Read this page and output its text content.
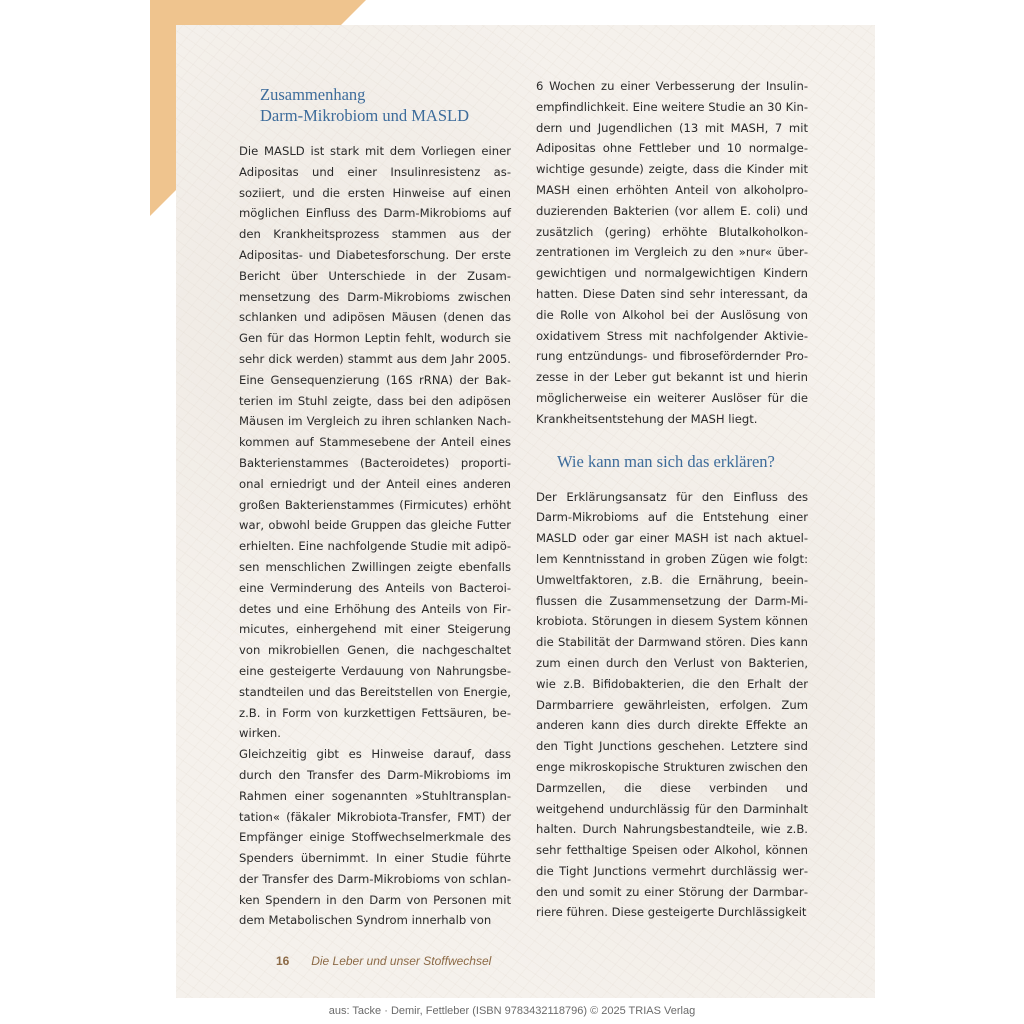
Zusammenhang
Darm-Mikrobiom und MASLD

Die MASLD ist stark mit dem Vorliegen einer Adipositas und einer Insulinresistenz assoziiert, und die ersten Hinweise auf einen möglichen Einfluss des Darm-Mikrobioms auf den Krankheitsprozess stammen aus der Adipositas- und Diabetesforschung. Der erste Bericht über Unterschiede in der Zusammensetzung des Darm-Mikrobioms zwischen schlanken und adipösen Mäusen (denen das Gen für das Hormon Leptin fehlt, wodurch sie sehr dick werden) stammt aus dem Jahr 2005. Eine Gensequenzierung (16S rRNA) der Bakterien im Stuhl zeigte, dass bei den adipösen Mäusen im Vergleich zu ihren schlanken Nachkommen auf Stammesebene der Anteil eines Bakterienstammes (Bacteroidetes) proportional erniedrigt und der Anteil eines anderen großen Bakterienstammes (Firmicutes) erhöht war, obwohl beide Gruppen das gleiche Futter erhielten. Eine nachfolgende Studie mit adipösen menschlichen Zwillingen zeigte ebenfalls eine Verminderung des Anteils von Bacteroidetes und eine Erhöhung des Anteils von Firmicutes, einhergehend mit einer Steigerung von mikrobiellen Genen, die nachgeschaltet eine gesteigerte Verdauung von Nahrungsbestandteilen und das Bereitstellen von Energie, z.B. in Form von kurzkettigen Fettsäuren, bewirken.

Gleichzeitig gibt es Hinweise darauf, dass durch den Transfer des Darm-Mikrobioms im Rahmen einer sogenannten »Stuhltransplantation« (fäkaler Mikrobiota-Transfer, FMT) der Empfänger einige Stoffwechselmerkmale des Spenders übernimmt. In einer Studie führte der Transfer des Darm-Mikrobioms von schlanken Spendern in den Darm von Personen mit dem Metabolischen Syndrom innerhalb von

6 Wochen zu einer Verbesserung der Insulinempfindlichkeit. Eine weitere Studie an 30 Kindern und Jugendlichen (13 mit MASH, 7 mit Adipositas ohne Fettleber und 10 normalgewichtige gesunde) zeigte, dass die Kinder mit MASH einen erhöhten Anteil von alkoholproduzierenden Bakterien (vor allem E. coli) und zusätzlich (gering) erhöhte Blutalkoholkonzentrationen im Vergleich zu den »nur« übergewichtigen und normalgewichtigen Kindern hatten. Diese Daten sind sehr interessant, da die Rolle von Alkohol bei der Auslösung von oxidativem Stress mit nachfolgender Aktivierung entzündungs- und fibrosefördernder Prozesse in der Leber gut bekannt ist und hierin möglicherweise ein weiterer Auslöser für die Krankheitsentstehung der MASH liegt.

Wie kann man sich das erklären?

Der Erklärungsansatz für den Einfluss des Darm-Mikrobioms auf die Entstehung einer MASLD oder gar einer MASH ist nach aktuellem Kenntnisstand in groben Zügen wie folgt: Umweltfaktoren, z.B. die Ernährung, beeinflussen die Zusammensetzung der Darm-Mikrobiota. Störungen in diesem System können die Stabilität der Darmwand stören. Dies kann zum einen durch den Verlust von Bakterien, wie z.B. Bifidobakterien, die den Erhalt der Darmbarriere gewährleisten, erfolgen. Zum anderen kann dies durch direkte Effekte an den Tight Junctions geschehen. Letztere sind enge mikroskopische Strukturen zwischen den Darmzellen, die diese verbinden und weitgehend undurchlässig für den Darminhalt halten. Durch Nahrungsbestandteile, wie z.B. sehr fetthaltige Speisen oder Alkohol, können die Tight Junctions vermehrt durchlässig werden und somit zu einer Störung der Darmbarriere führen. Diese gesteigerte Durchlässigkeit

16 Die Leber und unser Stoffwechsel
aus: Tacke · Demir, Fettleber (ISBN 9783432118796) © 2025 TRIAS Verlag
